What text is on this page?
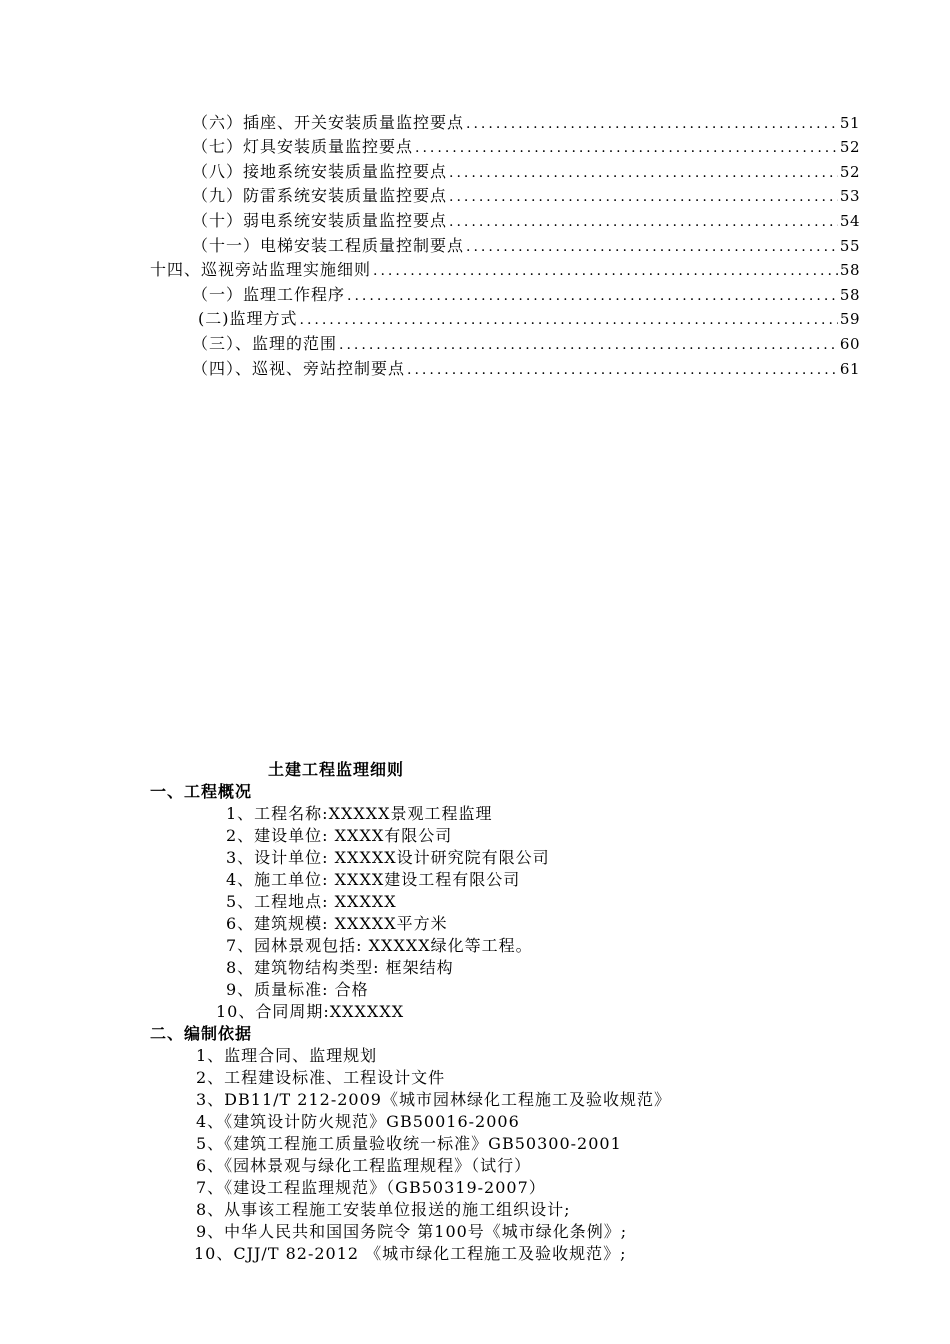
（六）插座、开关安装质量监控要点 .....	51
（七）灯具安装质量监控要点 .....	52
（八）接地系统安装质量监控要点 .....	52
（九）防雷系统安装质量监控要点 .....	53
（十）弱电系统安装质量监控要点 .....	54
（十一）电梯安装工程质量控制要点 .....	55
十四、巡视旁站监理实施细则 .....	58
（一）监理工作程序 .....	58
(二)监理方式 .....	59
（三）、监理的范围 .....	60
（四）、巡视、旁站控制要点 .....	61
土建工程监理细则
一、工程概况
1、工程名称:XXXXX景观工程监理
2、建设单位: XXXX有限公司
3、设计单位: XXXXX设计研究院有限公司
4、施工单位: XXXX建设工程有限公司
5、工程地点: XXXXX
6、建筑规模: XXXXX平方米
7、园林景观包括: XXXXX绿化等工程。
8、建筑物结构类型: 框架结构
9、质量标准: 合格
10、合同周期:XXXXXX
二、编制依据
1、监理合同、监理规划
2、工程建设标准、工程设计文件
3、DB11/T 212-2009《城市园林绿化工程施工及验收规范》
4、《建筑设计防火规范》GB50016-2006
5、《建筑工程施工质量验收统一标准》GB50300-2001
6、《园林景观与绿化工程监理规程》（试行）
7、《建设工程监理规范》（GB50319-2007）
8、从事该工程施工安装单位报送的施工组织设计;
9、中华人民共和国国务院令 第100号《城市绿化条例》;
10、CJJ/T 82-2012 《城市绿化工程施工及验收规范》;
